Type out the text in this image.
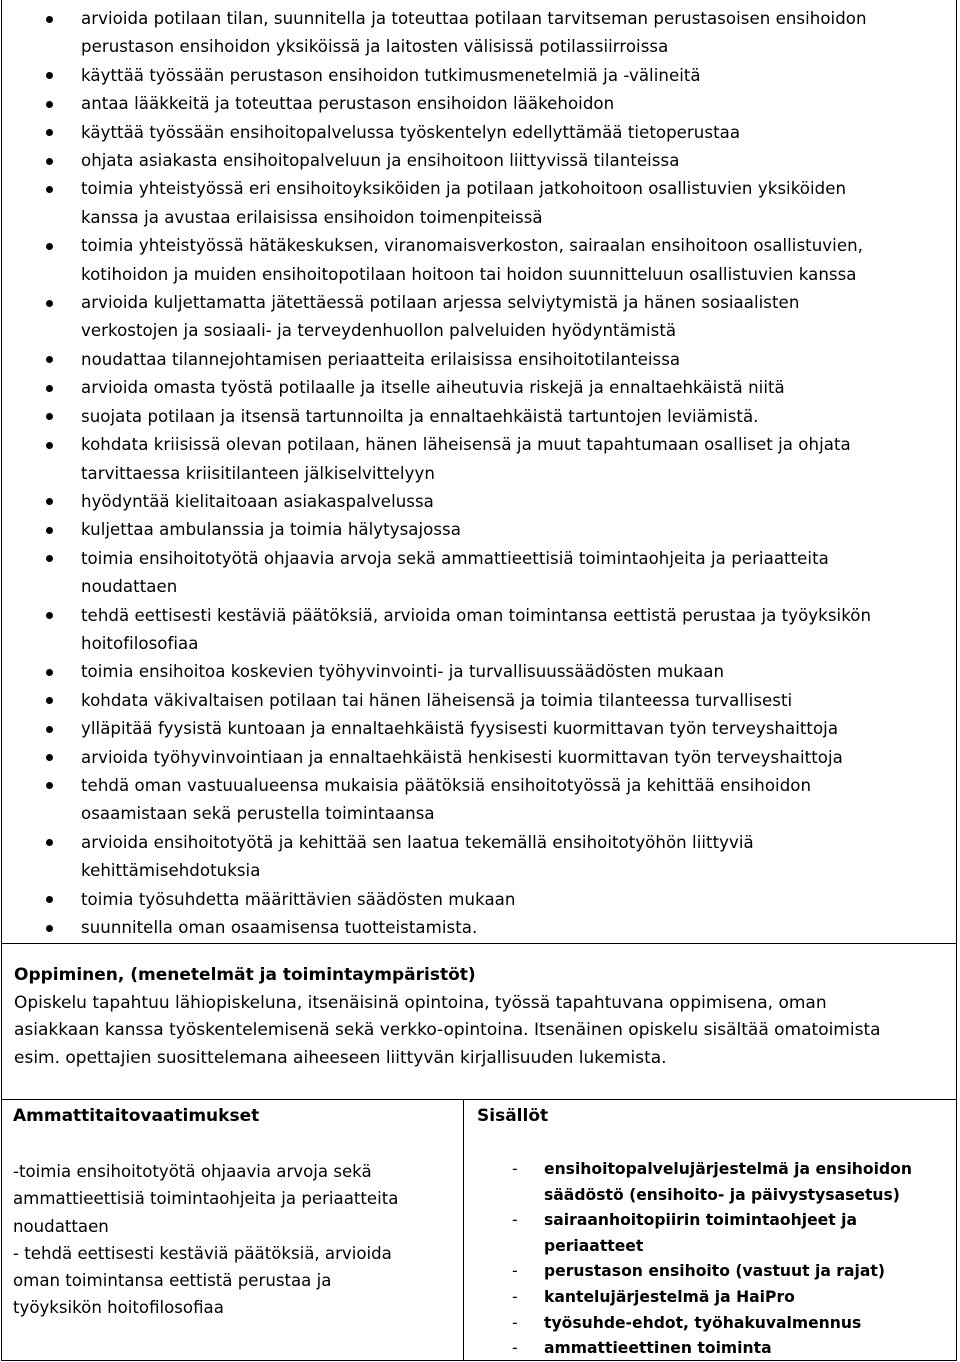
arvioida potilaan tilan, suunnitella ja toteuttaa potilaan tarvitseman perustasoisen ensihoidon
perustason ensihoidon yksiköissä ja laitosten välisissä potilassiirroissa
käyttää työssään perustason ensihoidon tutkimusmenetelmiä ja -välineitä
antaa lääkkeitä ja toteuttaa perustason ensihoidon lääkehoidon
käyttää työssään ensihoitopalvelussa työskentelyn edellyttämää tietoperustaa
ohjata asiakasta ensihoitopalveluun ja ensihoitoon liittyvissä tilanteissa
toimia yhteistyössä eri ensihoitoyksiköiden ja potilaan jatkohoitoon osallistuvien yksiköiden
kanssa ja avustaa erilaisissa ensihoidon toimenpiteissä
toimia yhteistyössä hätäkeskuksen, viranomaisverkoston, sairaalan ensihoitoon osallistuvien,
kotihoidon ja muiden ensihoitopotilaan hoitoon tai hoidon suunnitteluun osallistuvien kanssa
arvioida kuljettamatta jätettäessä potilaan arjessa selviytymistä ja hänen sosiaalisten
verkostojen ja sosiaali- ja terveydenhuollon palveluiden hyödyntämistä
noudattaa tilannejohtamisen periaatteita erilaisissa ensihoitotilanteissa
arvioida omasta työstä potilaalle ja itselle aiheutuvia riskejä ja ennaltaehkäistä niitä
suojata potilaan ja itsensä tartunnoilta ja ennaltaehkäistä tartuntojen leviämistä.
kohdata kriisissä olevan potilaan, hänen läheisensä ja muut tapahtumaan osalliset ja ohjata
tarvittaessa kriisitilanteen jälkiselvittelyyn
hyödyntää kielitaitoaan asiakaspalvelussa
kuljettaa ambulanssia ja toimia hälytysajossa
toimia ensihoitotyötä ohjaavia arvoja sekä ammattieettisiä toimintaohjeita ja periaatteita
noudattaen
tehdä eettisesti kestäviä päätöksiä, arvioida oman toimintansa eettistä perustaa ja työyksikön
hoitofilosofiaa
toimia ensihoitoa koskevien työhyvinvointi- ja turvallisuussäädösten mukaan
kohdata väkivaltaisen potilaan tai hänen läheisensä ja toimia tilanteessa turvallisesti
ylläpitää fyysistä kuntoaan ja ennaltaehkäistä fyysisesti kuormittavan työn terveyshaittoja
arvioida työhyvinvointiaan ja ennaltaehkäistä henkisesti kuormittavan työn terveyshaittoja
tehdä oman vastuualueensa mukaisia päätöksiä ensihoitotyössä ja kehittää ensihoidon
osaamistaan sekä perustella toimintaansa
arvioida ensihoitotyötä ja kehittää sen laatua tekemällä ensihoitotyöhön liittyviä
kehittämisehdotuksia
toimia työsuhdetta määrittävien säädösten mukaan
suunnitella oman osaamisensa tuotteistamista.
Oppiminen, (menetelmät ja toimintaympäristöt)
Opiskelu tapahtuu lähiopiskeluna, itsenäisinä opintoina, työssä tapahtuvana oppimisena, oman
asiakkaan kanssa työskentelemisenä sekä verkko-opintoina. Itsenäinen opiskelu sisältää omatoimista
esim. opettajien suosittelemana aiheeseen liittyvän kirjallisuuden lukemista.
Ammattitaitovaatimukset	Sisällöt
-toimia ensihoitotyötä ohjaavia arvoja sekä
ammattieettisiä toimintaohjeita ja periaatteita
noudattaen
- tehdä eettisesti kestäviä päätöksiä, arvioida
oman toimintansa eettistä perustaa ja
työyksikön hoitofilosofiaa
- ensihoitopalvelujärjestelmä ja ensihoidon
säädöstö (ensihoito- ja päivystysasetus)
- sairaanhoitopiirin toimintaohjeet ja
periaatteet
- perustason ensihoito (vastuut ja rajat)
- kantelujärjestelmä ja HaiPro
- työsuhde-ehdot, työhakuvalmennus
- ammattieettinen toiminta
